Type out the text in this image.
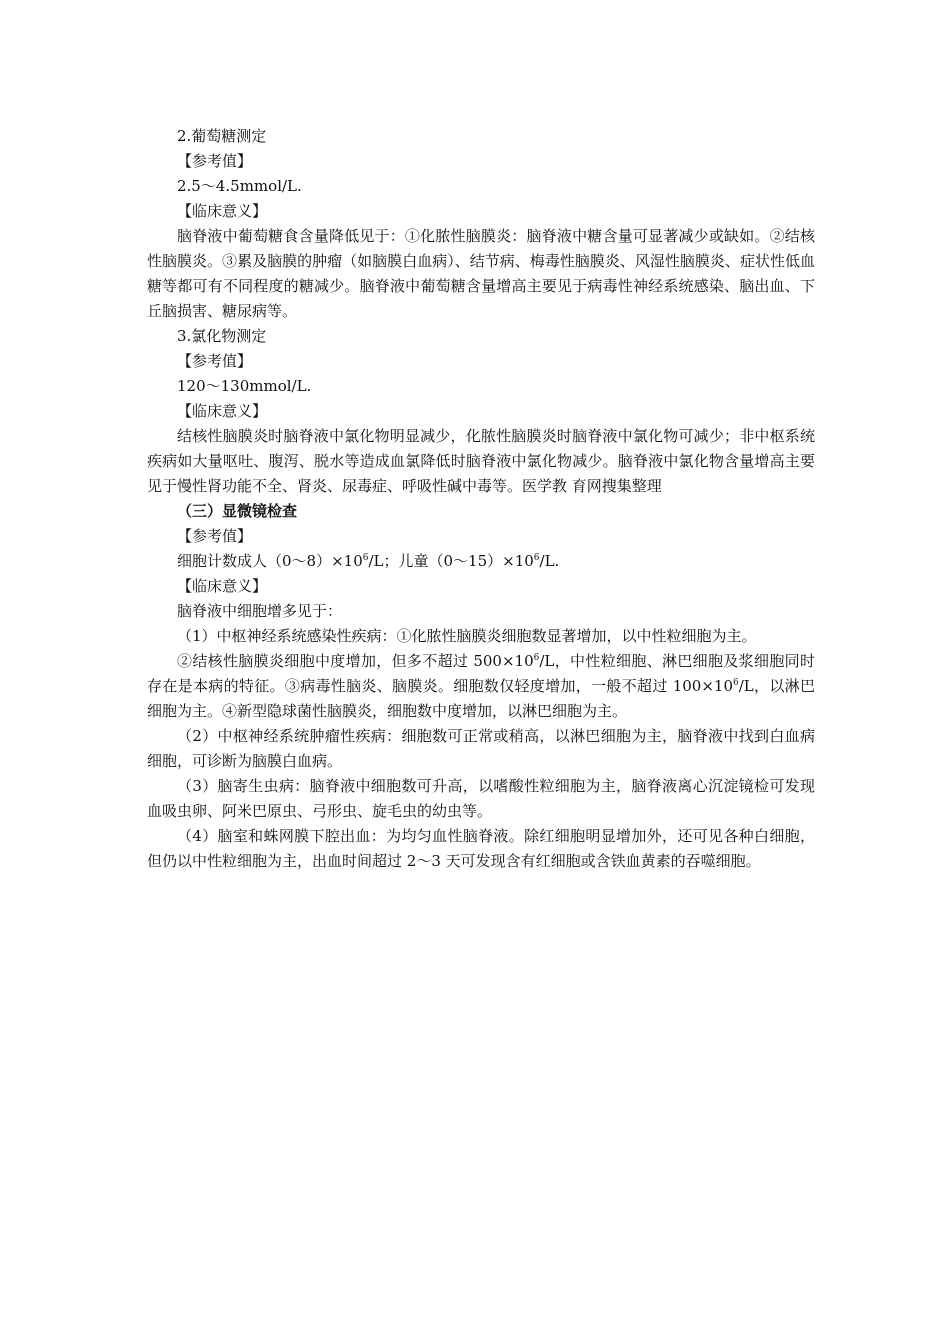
2.葡萄糖测定

【参考值】

2.5～4.5mmol/L.

【临床意义】

脑脊液中葡萄糖食含量降低见于：①化脓性脑膜炎：脑脊液中糖含量可显著减少或缺如。②结核性脑膜炎。③累及脑膜的肿瘤（如脑膜白血病）、结节病、梅毒性脑膜炎、风湿性脑膜炎、症状性低血糖等都可有不同程度的糖减少。脑脊液中葡萄糖含量增高主要见于病毒性神经系统感染、脑出血、下丘脑损害、糖尿病等。

3.氯化物测定

【参考值】

120～130mmol/L.

【临床意义】

结核性脑膜炎时脑脊液中氯化物明显减少，化脓性脑膜炎时脑脊液中氯化物可减少；非中枢系统疾病如大量呕吐、腹泻、脱水等造成血氯降低时脑脊液中氯化物减少。脑脊液中氯化物含量增高主要见于慢性肾功能不全、肾炎、尿毒症、呼吸性碱中毒等。医学教 育网搜集整理

（三）显微镜检查

【参考值】

细胞计数成人$(0\sim 8)\times 10^6/L$；儿童$(0\sim 15)\times 10^6/L$.

【临床意义】

脑脊液中细胞增多见于：

（1）中枢神经系统感染性疾病：①化脓性脑膜炎细胞数显著增加，以中性粒细胞为主。

②结核性脑膜炎细胞中度增加，但多不超过 $500\times 10^6/L$，中性粒细胞、淋巴细胞及浆细胞同时存在是本病的特征。③病毒性脑炎、脑膜炎。细胞数仅轻度增加，一般不超过 $100\times 10^6/L$，以淋巴细胞为主。④新型隐球菌性脑膜炎，细胞数中度增加，以淋巴细胞为主。

（2）中枢神经系统肿瘤性疾病：细胞数可正常或稍高，以淋巴细胞为主，脑脊液中找到白血病细胞，可诊断为脑膜白血病。

（3）脑寄生虫病：脑脊液中细胞数可升高，以嗜酸性粒细胞为主，脑脊液离心沉淀镜检可发现血吸虫卵、阿米巴原虫、弓形虫、旋毛虫的幼虫等。

（4）脑室和蛛网膜下腔出血：为均匀血性脑脊液。除红细胞明显增加外，还可见各种白细胞，但仍以中性粒细胞为主，出血时间超过 2～3 天可发现含有红细胞或含铁血黄素的吞噬细胞。
